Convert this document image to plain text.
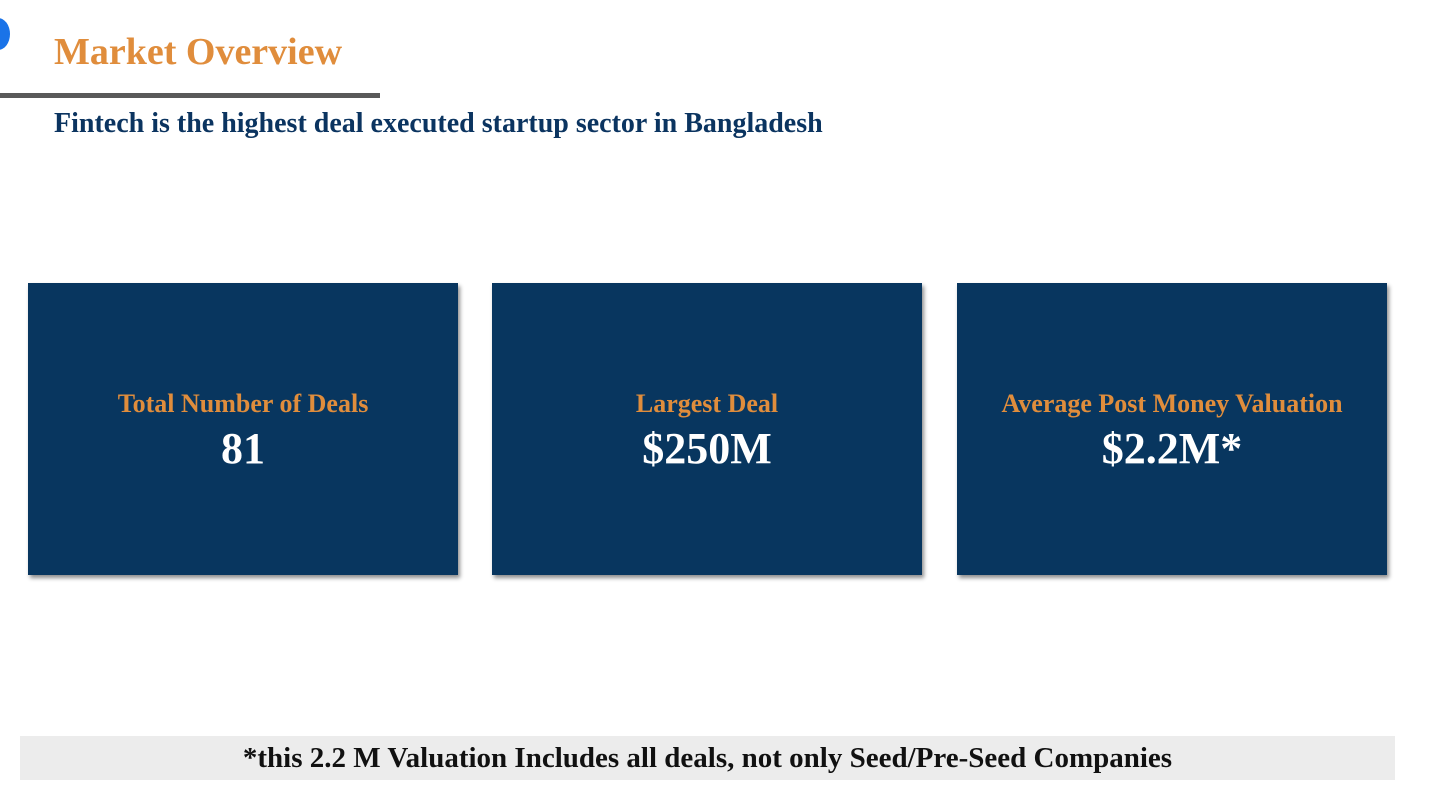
Market Overview
Fintech is the highest deal executed startup sector in Bangladesh
Total Number of Deals
81
Largest Deal
$250M
Average Post Money Valuation
$2.2M*
*this 2.2 M Valuation Includes all deals, not only Seed/Pre-Seed Companies
